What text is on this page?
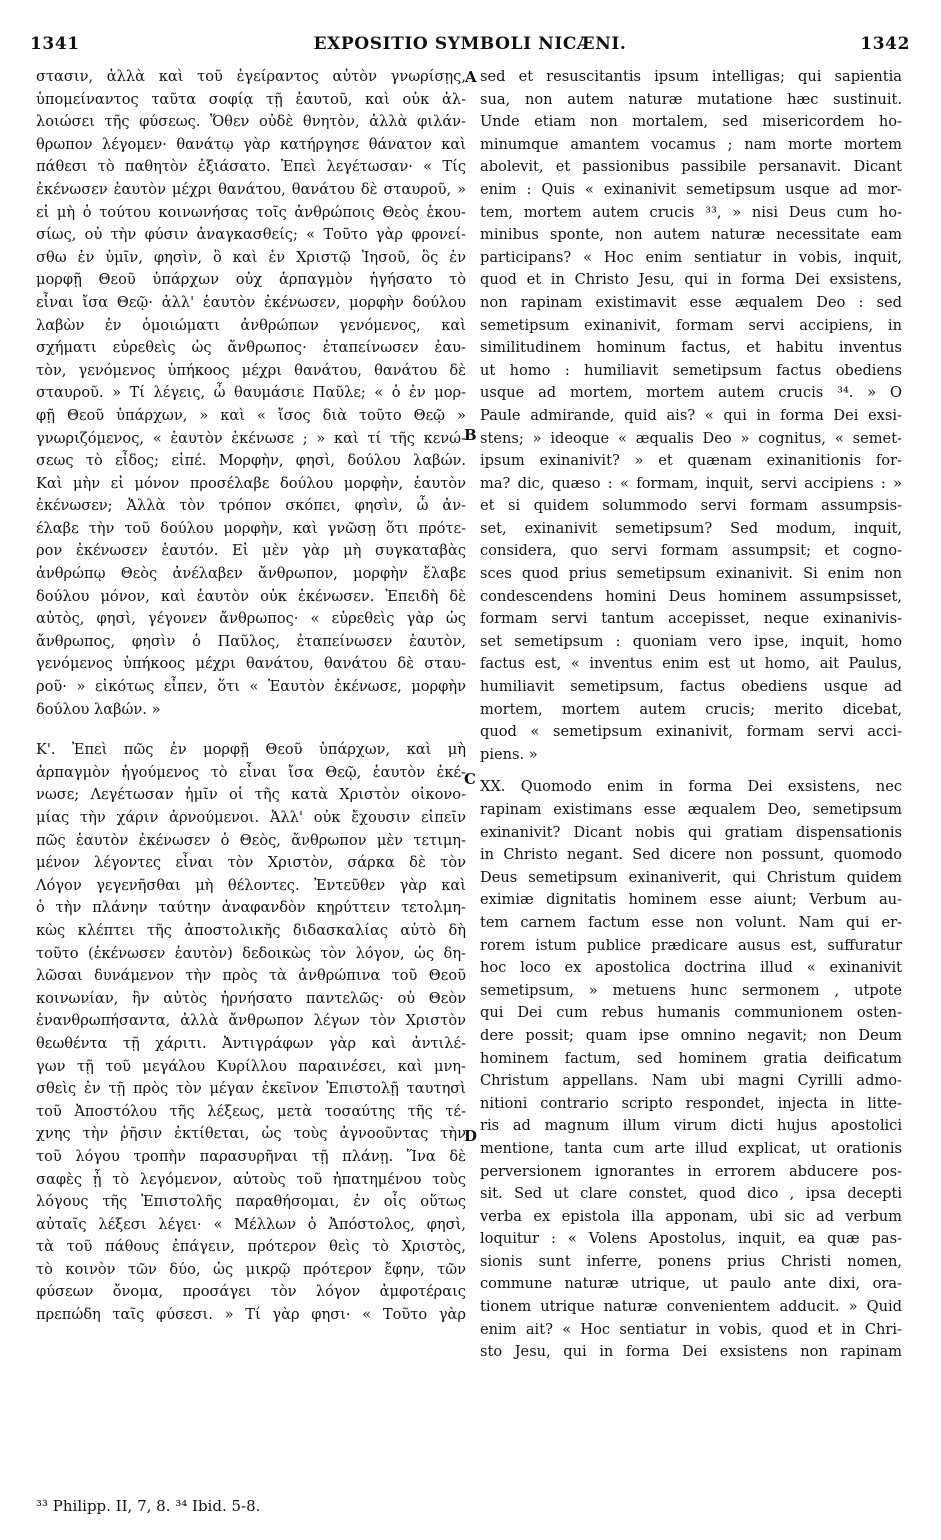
1341	EXPOSITIO SYMBOLI NICÆNI.	1342
στασιν, ἀλλὰ καὶ τοῦ ἐγείραντος αὐτὸν γνωρίσῃς,
ὑπομείναντος ταῦτα σοφίᾳ τῇ ἑαυτοῦ, καὶ οὐκ ἀλ-
λοιώσει τῆς φύσεως. Ὅθεν οὐδὲ θνητὸν, ἀλλὰ φιλάν-
θρωπον λέγομεν· θανάτῳ γὰρ κατήργησε θάνατον καὶ
πάθεσι τὸ παθητὸν ἐξιάσατο. Ἐπεὶ λεγέτωσαν· « Τίς
ἐκένωσεν ἑαυτὸν μέχρι θανάτου, θανάτου δὲ σταυροῦ, »
εἰ μὴ ὁ τούτου κοινωνήσας τοῖς ἀνθρώποις Θεὸς ἑκου-
σίως, οὐ τὴν φύσιν ἀναγκασθείς; « Τοῦτο γὰρ φρονεί-
σθω ἐν ὑμῖν, φησὶν, ὃ καὶ ἐν Χριστῷ Ἰησοῦ, ὃς ἐν
μορφῇ Θεοῦ ὑπάρχων οὐχ ἁρπαγμὸν ἡγήσατο τὸ
εἶναι ἴσα Θεῷ· ἀλλ' ἑαυτὸν ἐκένωσεν, μορφὴν δούλου
λαβὼν ἐν ὁμοιώματι ἀνθρώπων γενόμενος, καὶ
σχήματι εὑρεθεὶς ὡς ἄνθρωπος· ἐταπείνωσεν ἑαυ-
τὸν, γενόμενος ὑπήκοος μέχρι θανάτου, θανάτου δὲ
σταυροῦ. » Τί λέγεις, ὦ θαυμάσιε Παῦλε; « ὁ ἐν μορ-
φῇ Θεοῦ ὑπάρχων, » καὶ « ἴσος διὰ τοῦτο Θεῷ »
γνωριζόμενος, « ἑαυτὸν ἐκένωσε ; » καὶ τί τῆς κενώ-
σεως τὸ εἶδος; εἰπέ. Μορφὴν, φησὶ, δούλου λαβών.
Καὶ μὴν εἰ μόνον προσέλαβε δούλου μορφὴν, ἑαυτὸν
ἐκένωσεν; Ἀλλὰ τὸν τρόπον σκόπει, φησὶν, ὦ ἀν-
έλαβε τὴν τοῦ δούλου μορφὴν, καὶ γνῶσῃ ὅτι πρότε-
ρον ἐκένωσεν ἑαυτόν. Εἰ μὲν γὰρ μὴ συγκαταβὰς
ἀνθρώπῳ Θεὸς ἀνέλαβεν ἄνθρωπον, μορφὴν ἔλαβε
δούλου μόνον, καὶ ἑαυτὸν οὐκ ἐκένωσεν. Ἐπειδὴ δὲ
αὐτὸς, φησὶ, γέγονεν ἄνθρωπος· « εὑρεθεὶς γὰρ ὡς
ἄνθρωπος, φησὶν ὁ Παῦλος, ἐταπείνωσεν ἑαυτὸν,
γενόμενος ὑπήκοος μέχρι θανάτου, θανάτου δὲ σταυ-
ροῦ· » εἰκότως εἶπεν, ὅτι « Ἑαυτὸν ἐκένωσε, μορφὴν
δούλου λαβών. »
Κ'. Ἐπεὶ πῶς ἐν μορφῇ Θεοῦ ὑπάρχων, καὶ μὴ
ἁρπαγμὸν ἡγούμενος τὸ εἶναι ἴσα Θεῷ, ἑαυτὸν ἐκέ-
νωσε; Λεγέτωσαν ἡμῖν οἱ τῆς κατὰ Χριστὸν οἰκονο-
μίας τὴν χάριν ἀρνούμενοι. Ἀλλ' οὐκ ἔχουσιν εἰπεῖν
πῶς ἑαυτὸν ἐκένωσεν ὁ Θεὸς, ἄνθρωπον μὲν τετιμη-
μένον λέγοντες εἶναι τὸν Χριστὸν, σάρκα δὲ τὸν
Λόγον γεγενῆσθαι μὴ θέλοντες. Ἐντεῦθεν γὰρ καὶ
ὁ τὴν πλάνην ταύτην ἀναφανδὸν κηρύττειν τετολμη-
κὼς κλέπτει τῆς ἀποστολικῆς διδασκαλίας αὐτὸ δὴ
τοῦτο (ἐκένωσεν ἑαυτὸν) δεδοικὼς τὸν λόγον, ὡς δη-
λῶσαι δυνάμενον τὴν πρὸς τὰ ἀνθρώπινα τοῦ Θεοῦ
κοινωνίαν, ἣν αὐτὸς ἠρνήσατο παντελῶς· οὐ Θεὸν
ἐνανθρωπήσαντα, ἀλλὰ ἄνθρωπον λέγων τὸν Χριστὸν
θεωθέντα τῇ χάριτι. Ἀντιγράφων γὰρ καὶ ἀντιλέ-
γων τῇ τοῦ μεγάλου Κυρίλλου παραινέσει, καὶ μνη-
σθεὶς ἐν τῇ πρὸς τὸν μέγαν ἐκεῖνον Ἐπιστολῇ ταυτησὶ
τοῦ Ἀποστόλου τῆς λέξεως, μετὰ τοσαύτης τῆς τέ-
χνης τὴν ῥῆσιν ἐκτίθεται, ὡς τοὺς ἀγνοοῦντας τὴν
τοῦ λόγου τροπὴν παρασυρῆναι τῇ πλάνῃ. Ἵνα δὲ
σαφὲς ᾖ τὸ λεγόμενον, αὐτοὺς τοῦ ἠπατημένου τοὺς
λόγους τῆς Ἐπιστολῆς παραθήσομαι, ἐν οἷς οὕτως
αὐταῖς λέξεσι λέγει· « Μέλλων ὁ Ἀπόστολος, φησὶ,
τὰ τοῦ πάθους ἐπάγειν, πρότερον θεὶς τὸ Χριστὸς,
τὸ κοινὸν τῶν δύο, ὡς μικρῷ πρότερον ἔφην, τῶν
φύσεων ὄνομα, προσάγει τὸν λόγον ἀμφοτέραις
πρεπώδη ταῖς φύσεσι. » Τί γὰρ φησι· « Τοῦτο γὰρ
sed et resuscitantis ipsum intelligas; qui sapientia
sua, non autem naturæ mutatione hæc sustinuit.
Unde etiam non mortalem, sed misericordem ho-
minumque amantem vocamus ; nam morte mortem
abolevit, et passionibus passibile persanavit. Dicant
enim : Quis « exinanivit semetipsum usque ad mor-
tem, mortem autem crucis ³³, » nisi Deus cum ho-
minibus sponte, non autem naturæ necessitate eam
participans? « Hoc enim sentiatur in vobis, inquit,
quod et in Christo Jesu, qui in forma Dei exsistens,
non rapinam existimavit esse æqualem Deo : sed
semetipsum exinanivit, formam servi accipiens, in
similitudinem hominum factus, et habitu inventus
ut homo : humiliavit semetipsum factus obediens
usque ad mortem, mortem autem crucis ³⁴. » O
Paule admirande, quid ais? « qui in forma Dei exsi-
stens; » ideoque « æqualis Deo » cognitus, « semet-
ipsum exinanivit? » et quænam exinanitionis for-
ma? dic, quæso : « formam, inquit, servi accipiens : »
et si quidem solummodo servi formam assumpsis-
set, exinanivit semetipsum? Sed modum, inquit,
considera, quo servi formam assumpsit; et cogno-
sces quod prius semetipsum exinanivit. Si enim non
condescendens homini Deus hominem assumpsisset,
formam servi tantum accepisset, neque exinanivis-
set semetipsum : quoniam vero ipse, inquit, homo
factus est, « inventus enim est ut homo, ait Paulus,
humiliavit semetipsum, factus obediens usque ad
mortem, mortem autem crucis; merito dicebat,
quod « semetipsum exinanivit, formam servi acci-
piens. »
XX. Quomodo enim in forma Dei exsistens, nec
rapinam existimans esse æqualem Deo, semetipsum
exinanivit? Dicant nobis qui gratiam dispensationis
in Christo negant. Sed dicere non possunt, quomodo
Deus semetipsum exinaniverit, qui Christum quidem
eximiæ dignitatis hominem esse aiunt; Verbum au-
tem carnem factum esse non volunt. Nam qui er-
rorem istum publice prædicare ausus est, suffuratur
hoc loco ex apostolica doctrina illud « exinanivit
semetipsum, » metuens hunc sermonem , utpote
qui Dei cum rebus humanis communionem osten-
dere possit; quam ipse omnino negavit; non Deum
hominem factum, sed hominem gratia deificatum
Christum appellans. Nam ubi magni Cyrilli admo-
nitioni contrario scripto respondet, injecta in litte-
ris ad magnum illum virum dicti hujus apostolici
mentione, tanta cum arte illud explicat, ut orationis
perversionem ignorantes in errorem abducere pos-
sit. Sed ut clare constet, quod dico , ipsa decepti
verba ex epistola illa apponam, ubi sic ad verbum
loquitur : « Volens Apostolus, inquit, ea quæ pas-
sionis sunt inferre, ponens prius Christi nomen,
commune naturæ utrique, ut paulo ante dixi, ora-
tionem utrique naturæ convenientem adducit. » Quid
enim ait? « Hoc sentiatur in vobis, quod et in Chri-
sto Jesu, qui in forma Dei exsistens non rapinam
A
B
C
D
³³ Philipp. II, 7, 8. ³⁴ Ibid. 5-8.
